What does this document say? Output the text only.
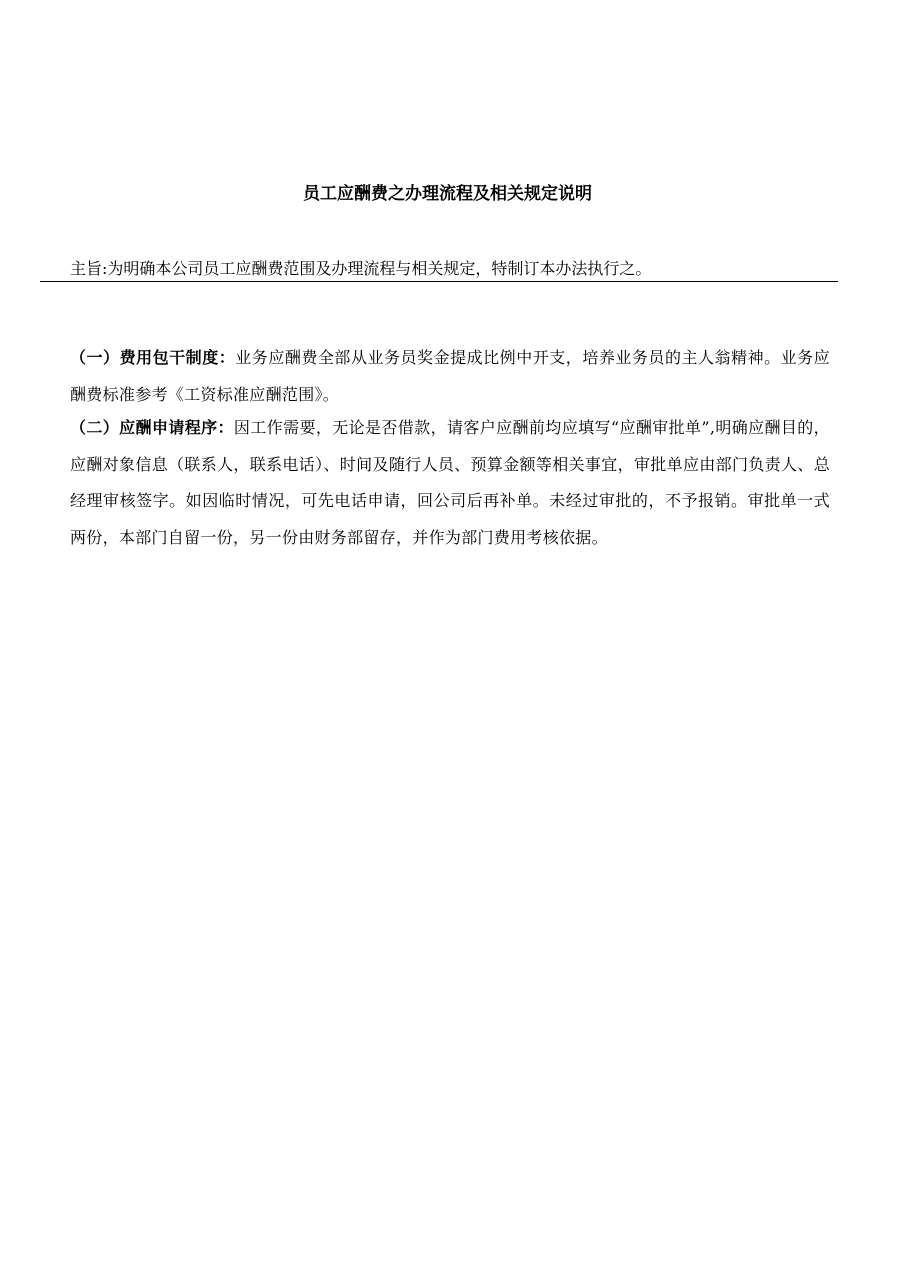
员工应酬费之办理流程及相关规定说明

主旨:为明确本公司员工应酬费范围及办理流程与相关规定，特制订本办法执行之。

（一）费用包干制度：业务应酬费全部从业务员奖金提成比例中开支，培养业务员的主人翁精神。业务应酬费标准参考《工资标准应酬范围》。

（二）应酬申请程序：因工作需要，无论是否借款，请客户应酬前均应填写“应酬审批单”,明确应酬目的，应酬对象信息（联系人，联系电话）、时间及随行人员、预算金额等相关事宜，审批单应由部门负责人、总经理审核签字。如因临时情况，可先电话申请，回公司后再补单。未经过审批的，不予报销。审批单一式两份，本部门自留一份，另一份由财务部留存，并作为部门费用考核依据。
